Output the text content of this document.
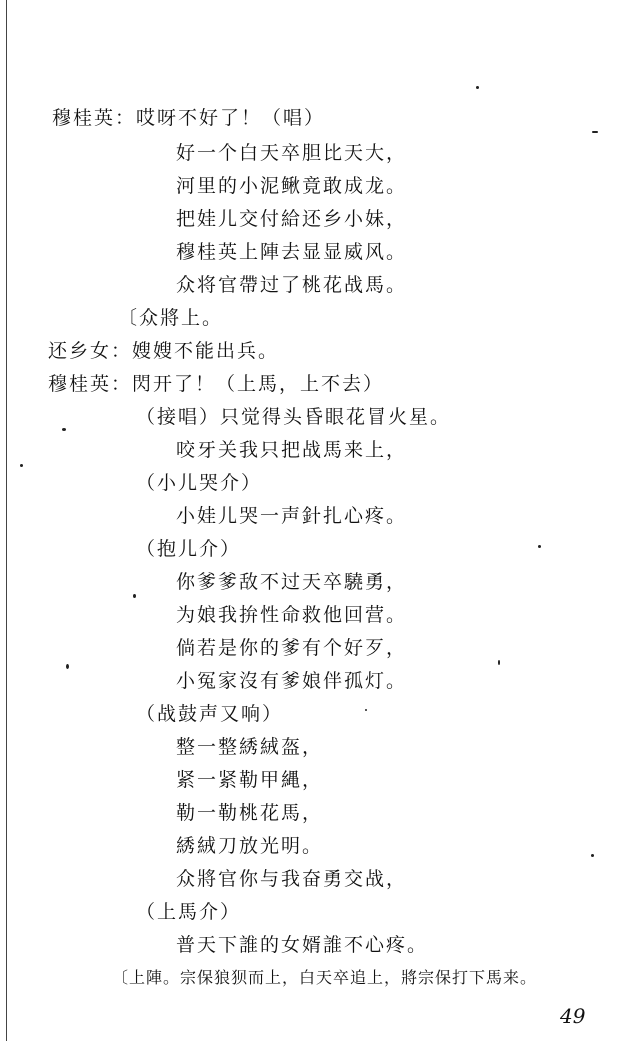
穆桂英：哎呀不好了！（唱）
好一个白天卒胆比天大，
河里的小泥鳅竟敢成龙。
把娃儿交付給还乡小妹，
穆桂英上陣去显显威风。
众将官帶过了桃花战馬。
〔众將上。
还乡女：嫂嫂不能出兵。
穆桂英：閃开了！（上馬，上不去）
（接唱）只觉得头昏眼花冒火星。
咬牙关我只把战馬来上，
（小儿哭介）
小娃儿哭一声針扎心疼。
（抱儿介）
你爹爹敌不过天卒驍勇，
为娘我拚性命救他回营。
倘若是你的爹有个好歹，
小冤家沒有爹娘伴孤灯。
（战鼓声又响）
整一整綉絨盔，
紧一紧勒甲縄，
勒一勒桃花馬，
綉絨刀放光明。
众將官你与我奋勇交战，
（上馬介）
普天下誰的女婿誰不心疼。
〔上陣。宗保狼狈而上，白天卒追上，將宗保打下馬来。
49
